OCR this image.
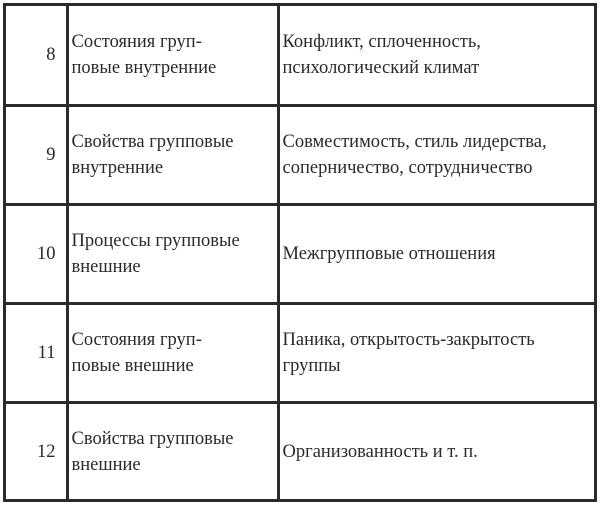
8	Состояния груп-
повые внутренние	Конфликт, сплоченность,
психологический климат

9	Свойства групповые
внутренние	Совместимость, стиль лидерства,
соперничество, сотрудничество

10	Процессы групповые
внешние	Межгрупповые отношения

11	Состояния груп-
повые внешние	Паника, открытость-закрытость
группы

12	Свойства групповые
внешние	Организованность и т. п.
